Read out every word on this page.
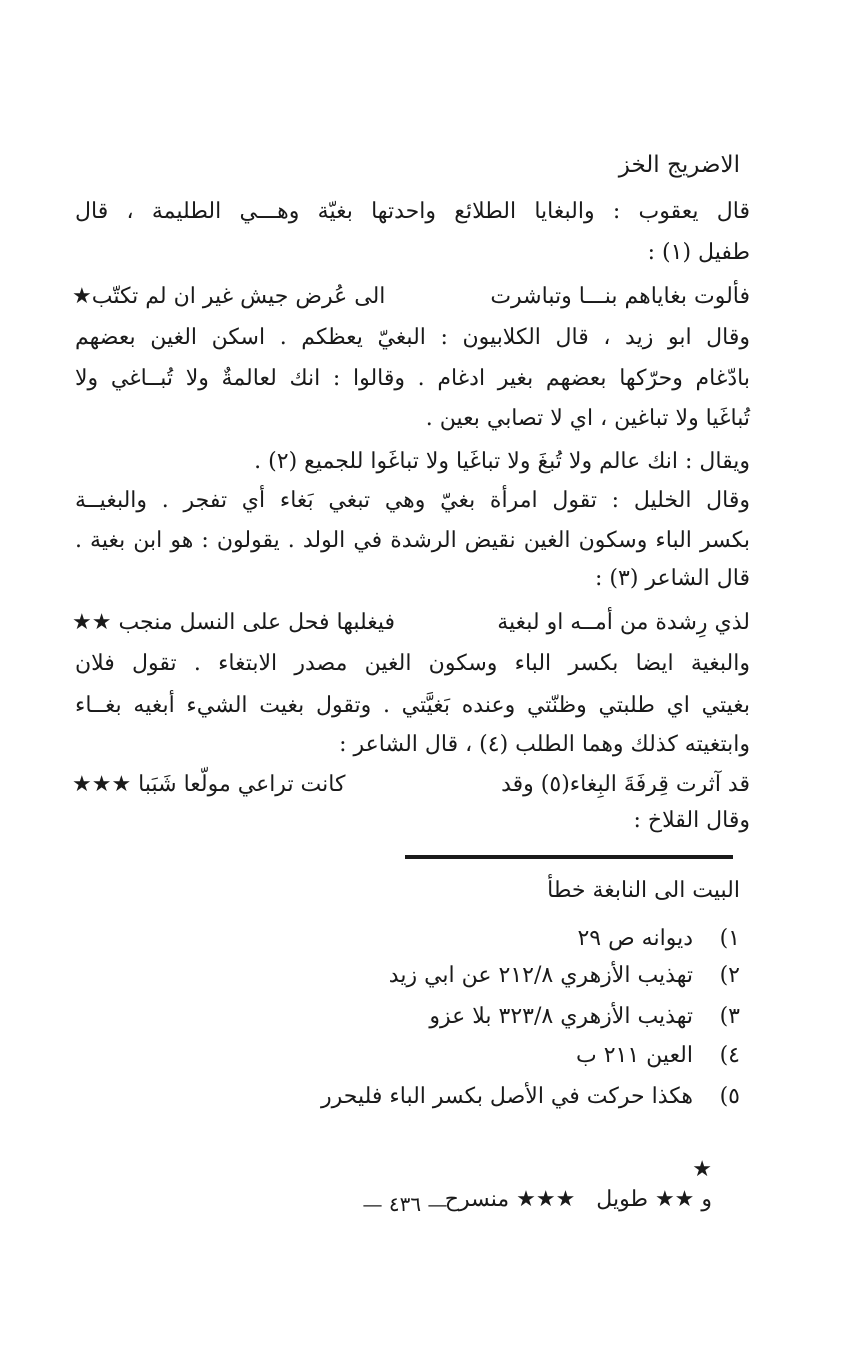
الاضريج الخز
قال يعقوب : والبغايا الطلائع واحدتها بغيّة وهـــي الطليمة ، قال
طفيل (١) :
فألوت بغاياهم بنـــا وتباشرت
الى عُرض جيش غير ان لم تكتّب★
وقال ابو زيد ، قال الكلابيون : البغيّ يعظكم . اسكن الغين بعضهم
بادّغام وحرّكها بعضهم بغير ادغام . وقالوا : انك لعالمةٌ ولا تُبــاغي ولا
تُباغَيا ولا تباغين ، اي لا تصابي بعين .
ويقال : انك عالم ولا تُبغَ ولا تباغَيا ولا تباغَوا للجميع (٢) .
وقال الخليل : تقول امرأة بغيّ وهي تبغي بَغاء أي تفجر . والبغيــة
بكسر الباء وسكون الغين نقيض الرشدة في الولد . يقولون : هو ابن بغية .
قال الشاعر (٣) :
لذي رِشدة من أمــه او لبغية
فيغلبها فحل على النسل منجب ★★
والبغية ايضا بكسر الباء وسكون الغين مصدر الابتغاء . تقول فلان
بغيتي اي طلبتي وظنّتي وعنده بَغيَّتي . وتقول بغيت الشيء أبغيه بغــاء
وابتغيته كذلك وهما الطلب (٤) ، قال الشاعر :
قد آثرت قِرفَةَ البِغاء(٥) وقد
كانت تراعي مولّعا شَبَبا ★★★
وقال القلاخ :
البيت الى النابغة خطأ
١) ديوانه ص ٢٩
٢) تهذيب الأزهري ٢١٢/٨ عن ابي زيد
٣) تهذيب الأزهري ٣٢٣/٨ بلا عزو
٤) العين ٢١١ ب
٥) هكذا حركت في الأصل بكسر الباء فليحرر

★
و ★★ طويل   ★★★ منسرح

— ٤٣٦ —
